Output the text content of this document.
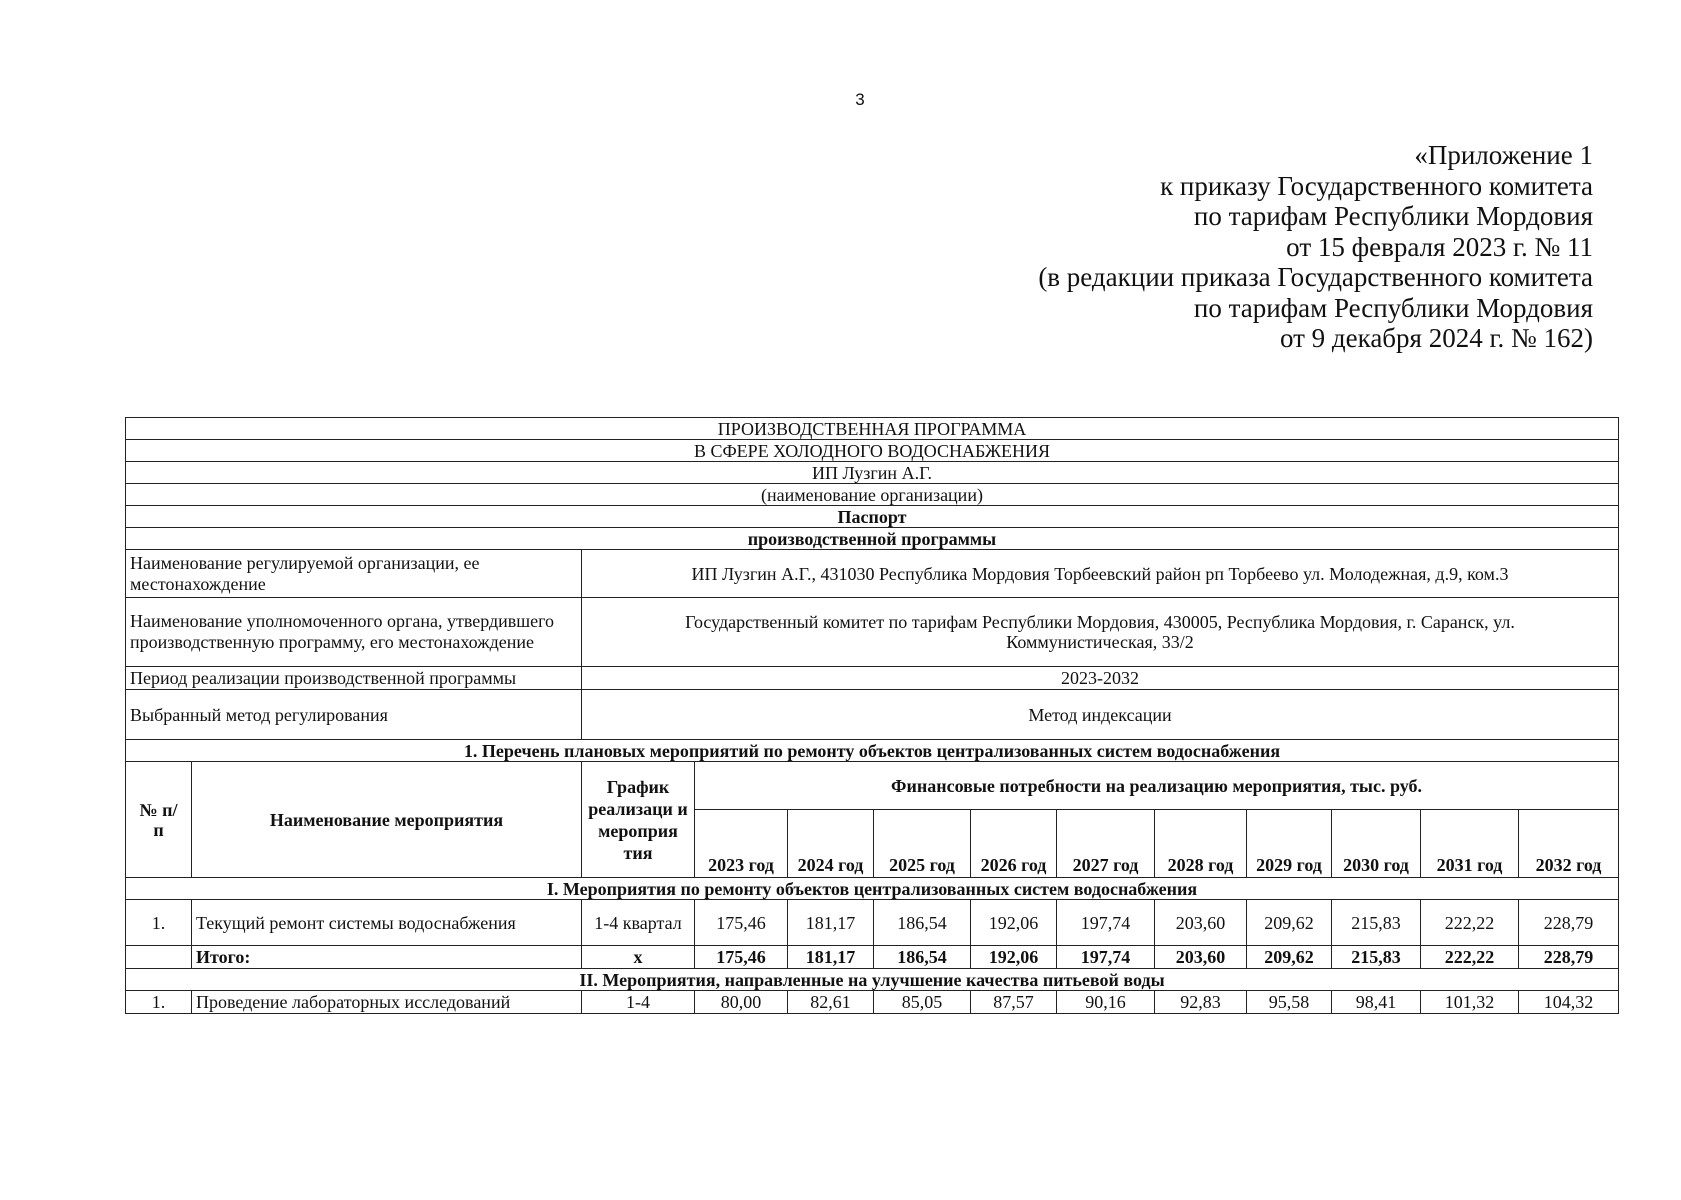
3
«Приложение 1
к приказу Государственного комитета
по тарифам Республики Мордовия
от 15 февраля 2023 г. № 11
(в редакции приказа Государственного комитета
по тарифам Республики Мордовия
от 9 декабря 2024 г. № 162)
ПРОИЗВОДСТВЕННАЯ ПРОГРАММА												
В СФЕРЕ ХОЛОДНОГО ВОДОСНАБЖЕНИЯ												
ИП Лузгин А.Г.												
(наименование организации)												
Паспорт												
производственной программы												
Наименование регулируемой организации, ее местонахождение		ИП Лузгин А.Г., 431030 Республика Мордовия Торбеевский район рп Торбеево ул. Молодежная, д.9, ком.3										
Наименование уполномоченного органа, утвердившего производственную программу, его местонахождение		Государственный комитет по тарифам Республики Мордовия, 430005, Республика Мордовия, г. Саранск, ул. Коммунистическая, 33/2										
Период реализации производственной программы		2023-2032										
Выбранный метод регулирования		Метод индексации										
1. Перечень плановых мероприятий по ремонту объектов централизованных систем водоснабжения												
№ п/п	Наименование мероприятия	График реализаци и мероприя тия	Финансовые потребности на реализацию мероприятия, тыс. руб.									
			2023 год	2024 год	2025 год	2026 год	2027 год	2028 год	2029 год	2030 год	2031 год	2032 год
I. Мероприятия по ремонту объектов централизованных систем водоснабжения												
1.	Текущий ремонт системы водоснабжения	1-4 квартал	175,46	181,17	186,54	192,06	197,74	203,60	209,62	215,83	222,22	228,79
	Итого:	x	175,46	181,17	186,54	192,06	197,74	203,60	209,62	215,83	222,22	228,79
II. Мероприятия, направленные на улучшение качества питьевой воды												
1.	Проведение лабораторных исследований	1-4	80,00	82,61	85,05	87,57	90,16	92,83	95,58	98,41	101,32	104,32
